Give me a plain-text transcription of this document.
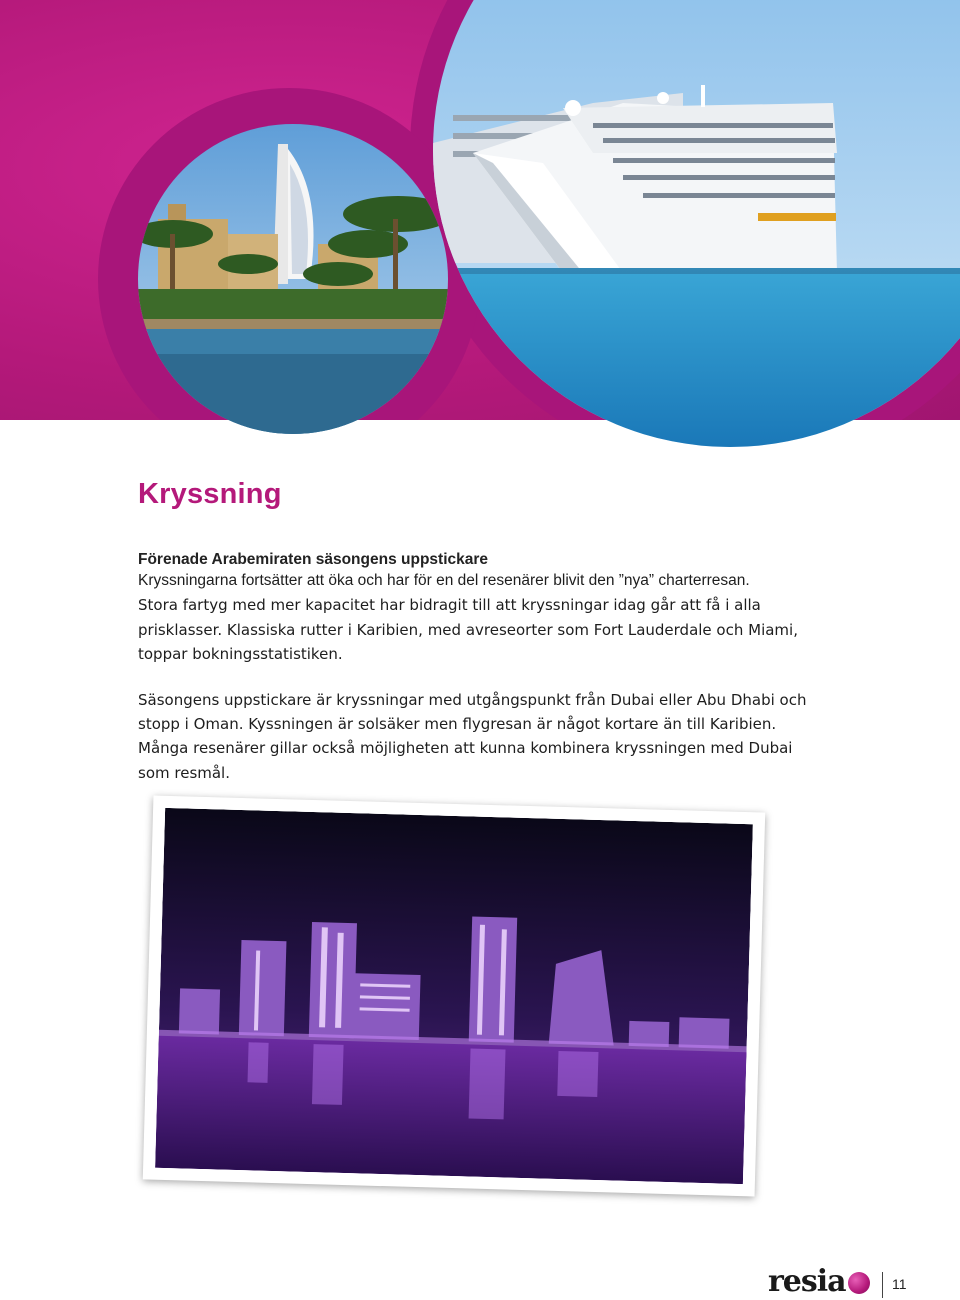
Kryssning

Förenade Arabemiraten säsongens uppstickare

Kryssningarna fortsätter att öka och har för en del resenärer blivit den ”nya” charterresan.

Stora fartyg med mer kapacitet har bidragit till att kryssningar idag går att få i alla prisklasser. Klassiska rutter i Karibien, med avreseorter som Fort Lauderdale och Miami, toppar bokningsstatistiken.

Säsongens uppstickare är kryssningar med utgångspunkt från Dubai eller Abu Dhabi och stopp i Oman. Kyssningen är solsäker men flygresan är något kortare än till Karibien. Många resenärer gillar också möjligheten att kunna kombinera kryssningen med Dubai som resmål.

resia	11
